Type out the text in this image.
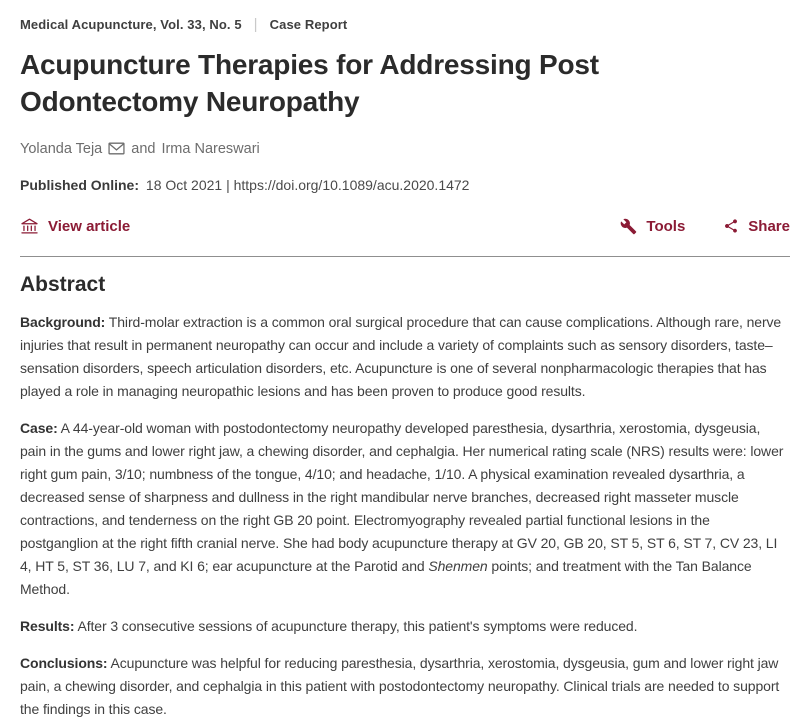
Medical Acupuncture, Vol. 33, No. 5 | Case Report
Acupuncture Therapies for Addressing Post Odontectomy Neuropathy
Yolanda Teja and Irma Nareswari
Published Online: 18 Oct 2021 | https://doi.org/10.1089/acu.2020.1472
View article	Tools	Share
Abstract

Background: Third-molar extraction is a common oral surgical procedure that can cause complications. Although rare, nerve injuries that result in permanent neuropathy can occur and include a variety of complaints such as sensory disorders, taste–sensation disorders, speech articulation disorders, etc. Acupuncture is one of several nonpharmacologic therapies that has played a role in managing neuropathic lesions and has been proven to produce good results.

Case: A 44-year-old woman with postodontectomy neuropathy developed paresthesia, dysarthria, xerostomia, dysgeusia, pain in the gums and lower right jaw, a chewing disorder, and cephalgia. Her numerical rating scale (NRS) results were: lower right gum pain, 3/10; numbness of the tongue, 4/10; and headache, 1/10. A physical examination revealed dysarthria, a decreased sense of sharpness and dullness in the right mandibular nerve branches, decreased right masseter muscle contractions, and tenderness on the right GB 20 point. Electromyography revealed partial functional lesions in the postganglion at the right fifth cranial nerve. She had body acupuncture therapy at GV 20, GB 20, ST 5, ST 6, ST 7, CV 23, LI 4, HT 5, ST 36, LU 7, and KI 6; ear acupuncture at the Parotid and Shenmen points; and treatment with the Tan Balance Method.

Results: After 3 consecutive sessions of acupuncture therapy, this patient's symptoms were reduced.

Conclusions: Acupuncture was helpful for reducing paresthesia, dysarthria, xerostomia, dysgeusia, gum and lower right jaw pain, a chewing disorder, and cephalgia in this patient with postodontectomy neuropathy. Clinical trials are needed to support the findings in this case.
